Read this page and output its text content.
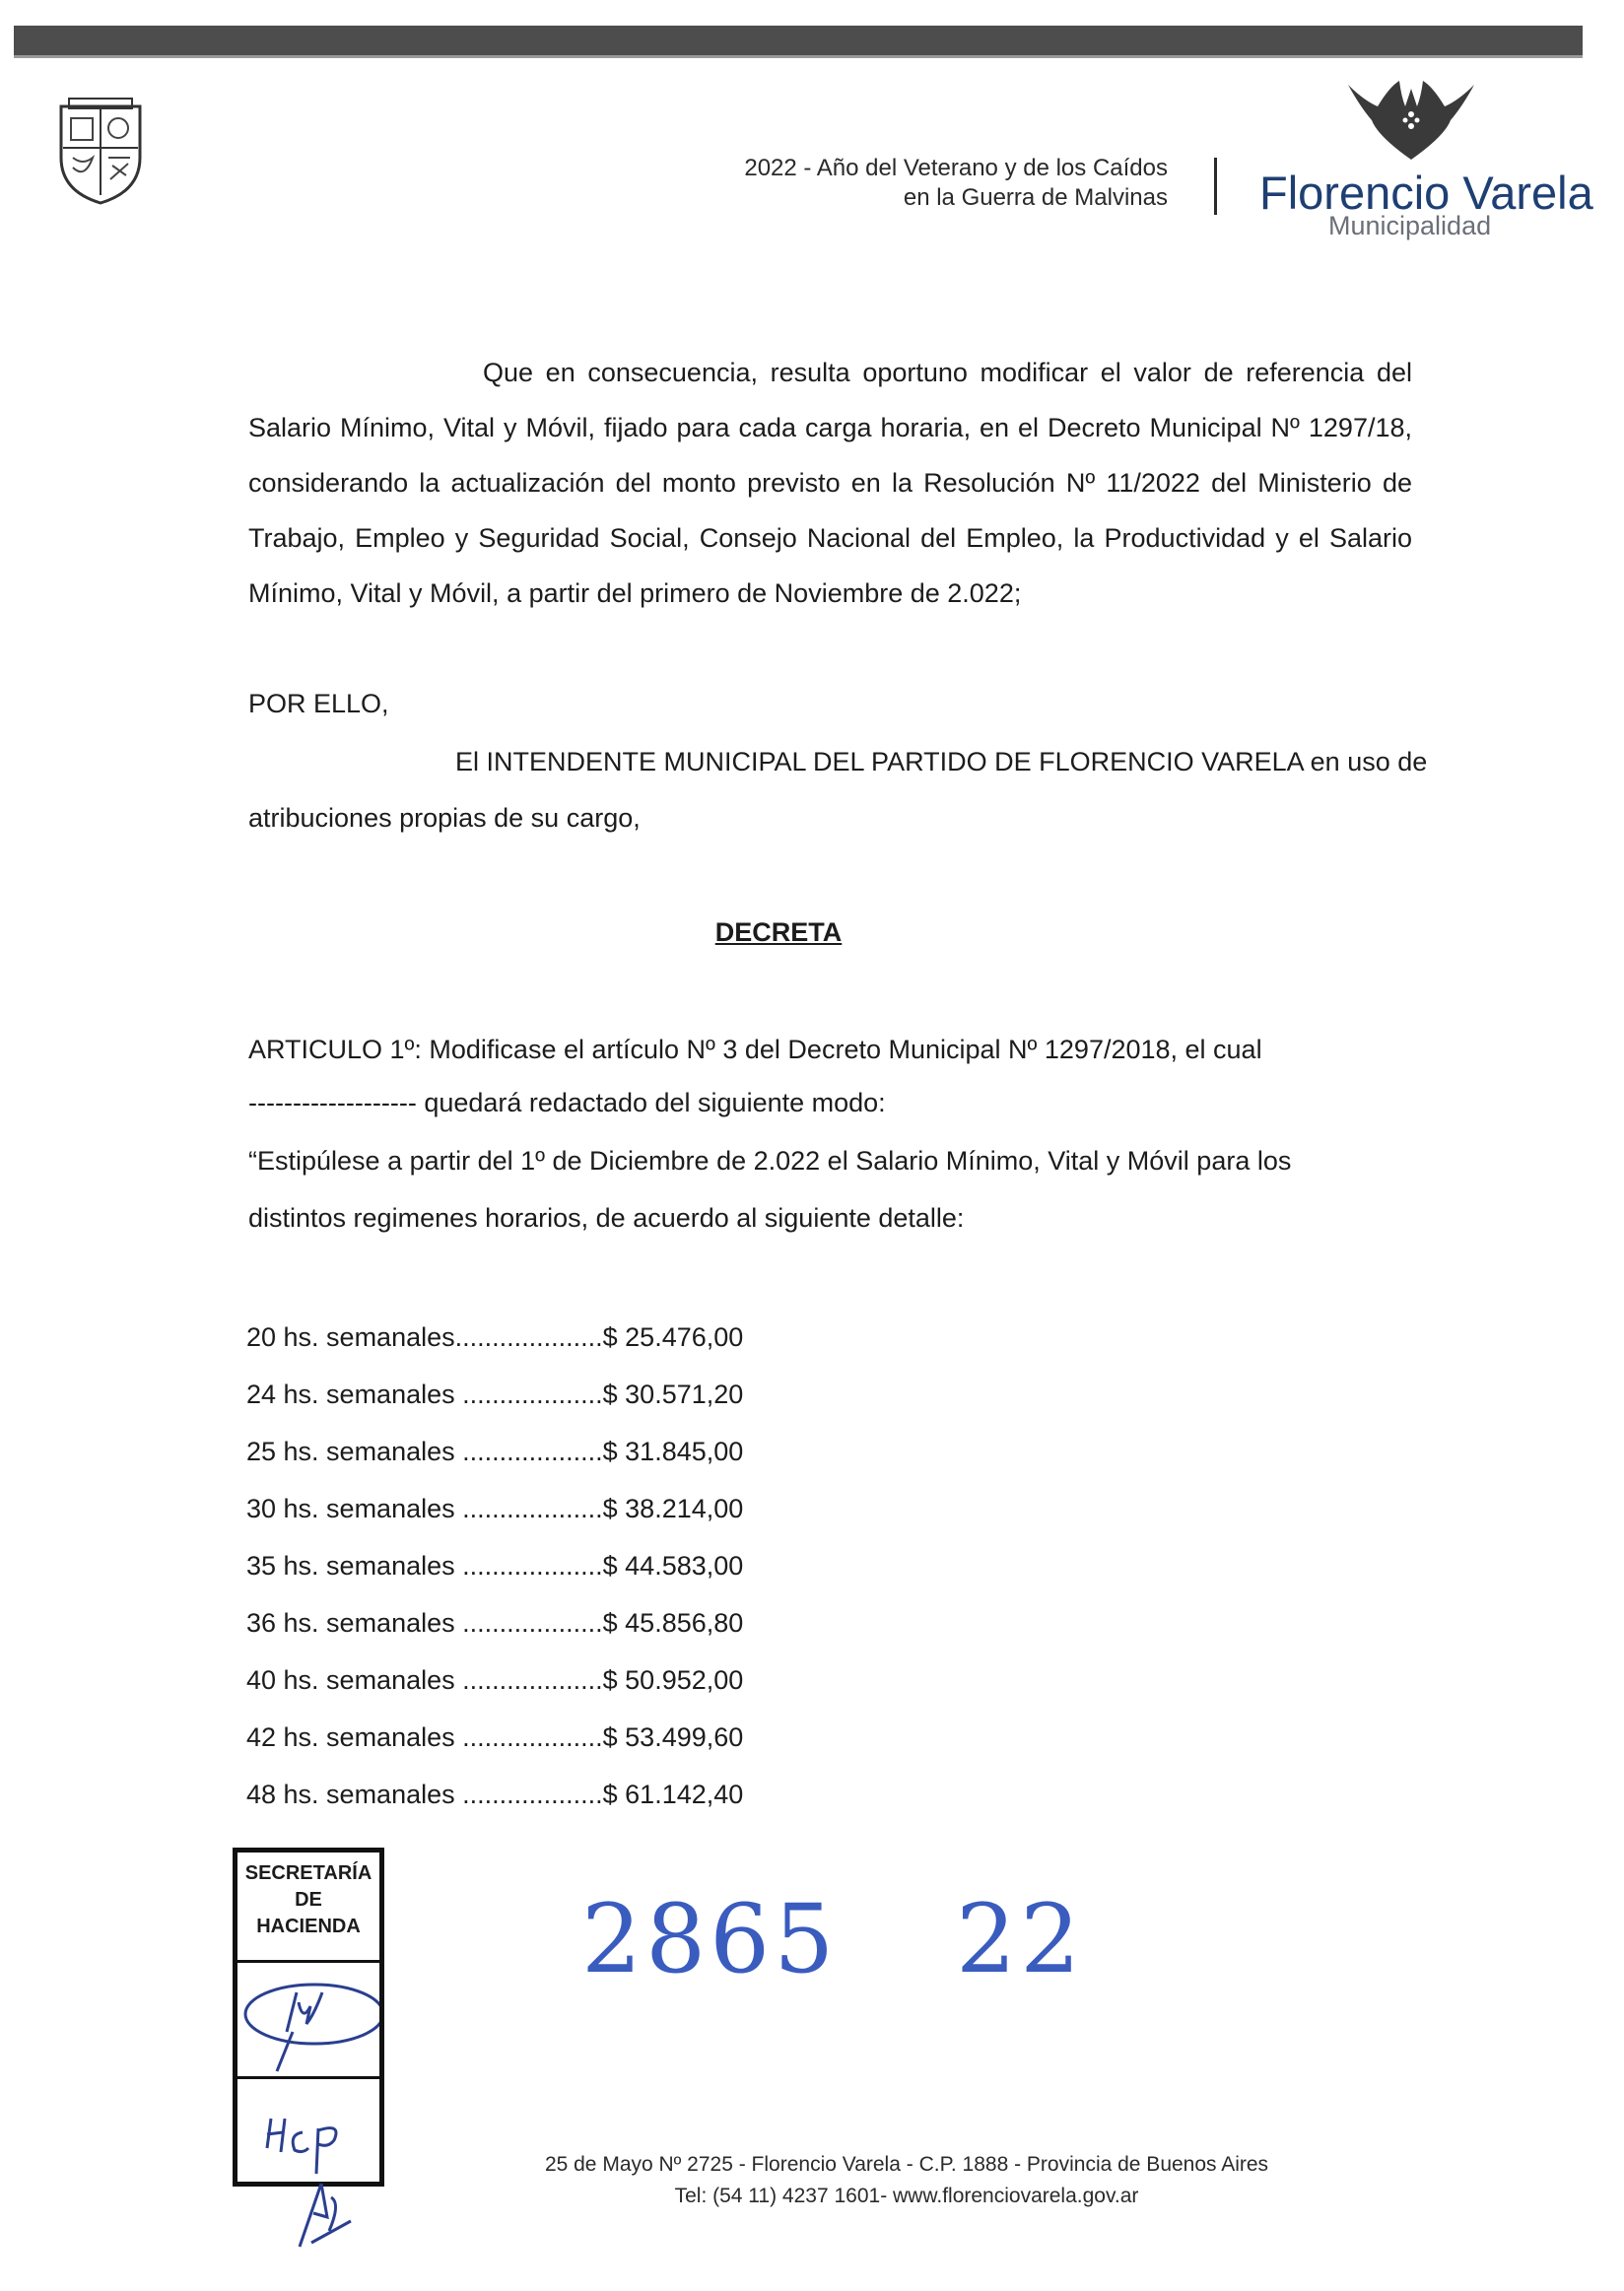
2022 - Año del Veterano y de los Caídos
en la Guerra de Malvinas Florencio Varela
Municipalidad
Que en consecuencia, resulta oportuno modificar el valor de referencia del Salario Mínimo, Vital y Móvil, fijado para cada carga horaria, en el Decreto Municipal Nº 1297/18, considerando la actualización del monto previsto en la Resolución Nº 11/2022 del Ministerio de Trabajo, Empleo y Seguridad Social, Consejo Nacional del Empleo, la Productividad y el Salario Mínimo, Vital y Móvil, a partir del primero de Noviembre de 2.022;
POR ELLO,
El INTENDENTE MUNICIPAL DEL PARTIDO DE FLORENCIO VARELA en uso de
atribuciones propias de su cargo,
DECRETA
ARTICULO 1º: Modificase el artículo Nº 3 del Decreto Municipal Nº 1297/2018, el cual
------------------- quedará redactado del siguiente modo:
“Estipúlese a partir del 1º de Diciembre de 2.022 el Salario Mínimo, Vital y Móvil para los
distintos regimenes horarios, de acuerdo al siguiente detalle:
20 hs. semanales....................$ 25.476,00
24 hs. semanales ...................$ 30.571,20
25 hs. semanales ...................$ 31.845,00
30 hs. semanales ...................$ 38.214,00
35 hs. semanales ...................$ 44.583,00
36 hs. semanales ...................$ 45.856,80
40 hs. semanales ...................$ 50.952,00
42 hs. semanales ...................$ 53.499,60
48 hs. semanales ...................$ 61.142,40
SECRETARÍA
DE
HACIENDA 2865 22
25 de Mayo Nº 2725 - Florencio Varela - C.P. 1888 - Provincia de Buenos Aires
Tel: (54 11) 4237 1601- www.florenciovarela.gov.ar
